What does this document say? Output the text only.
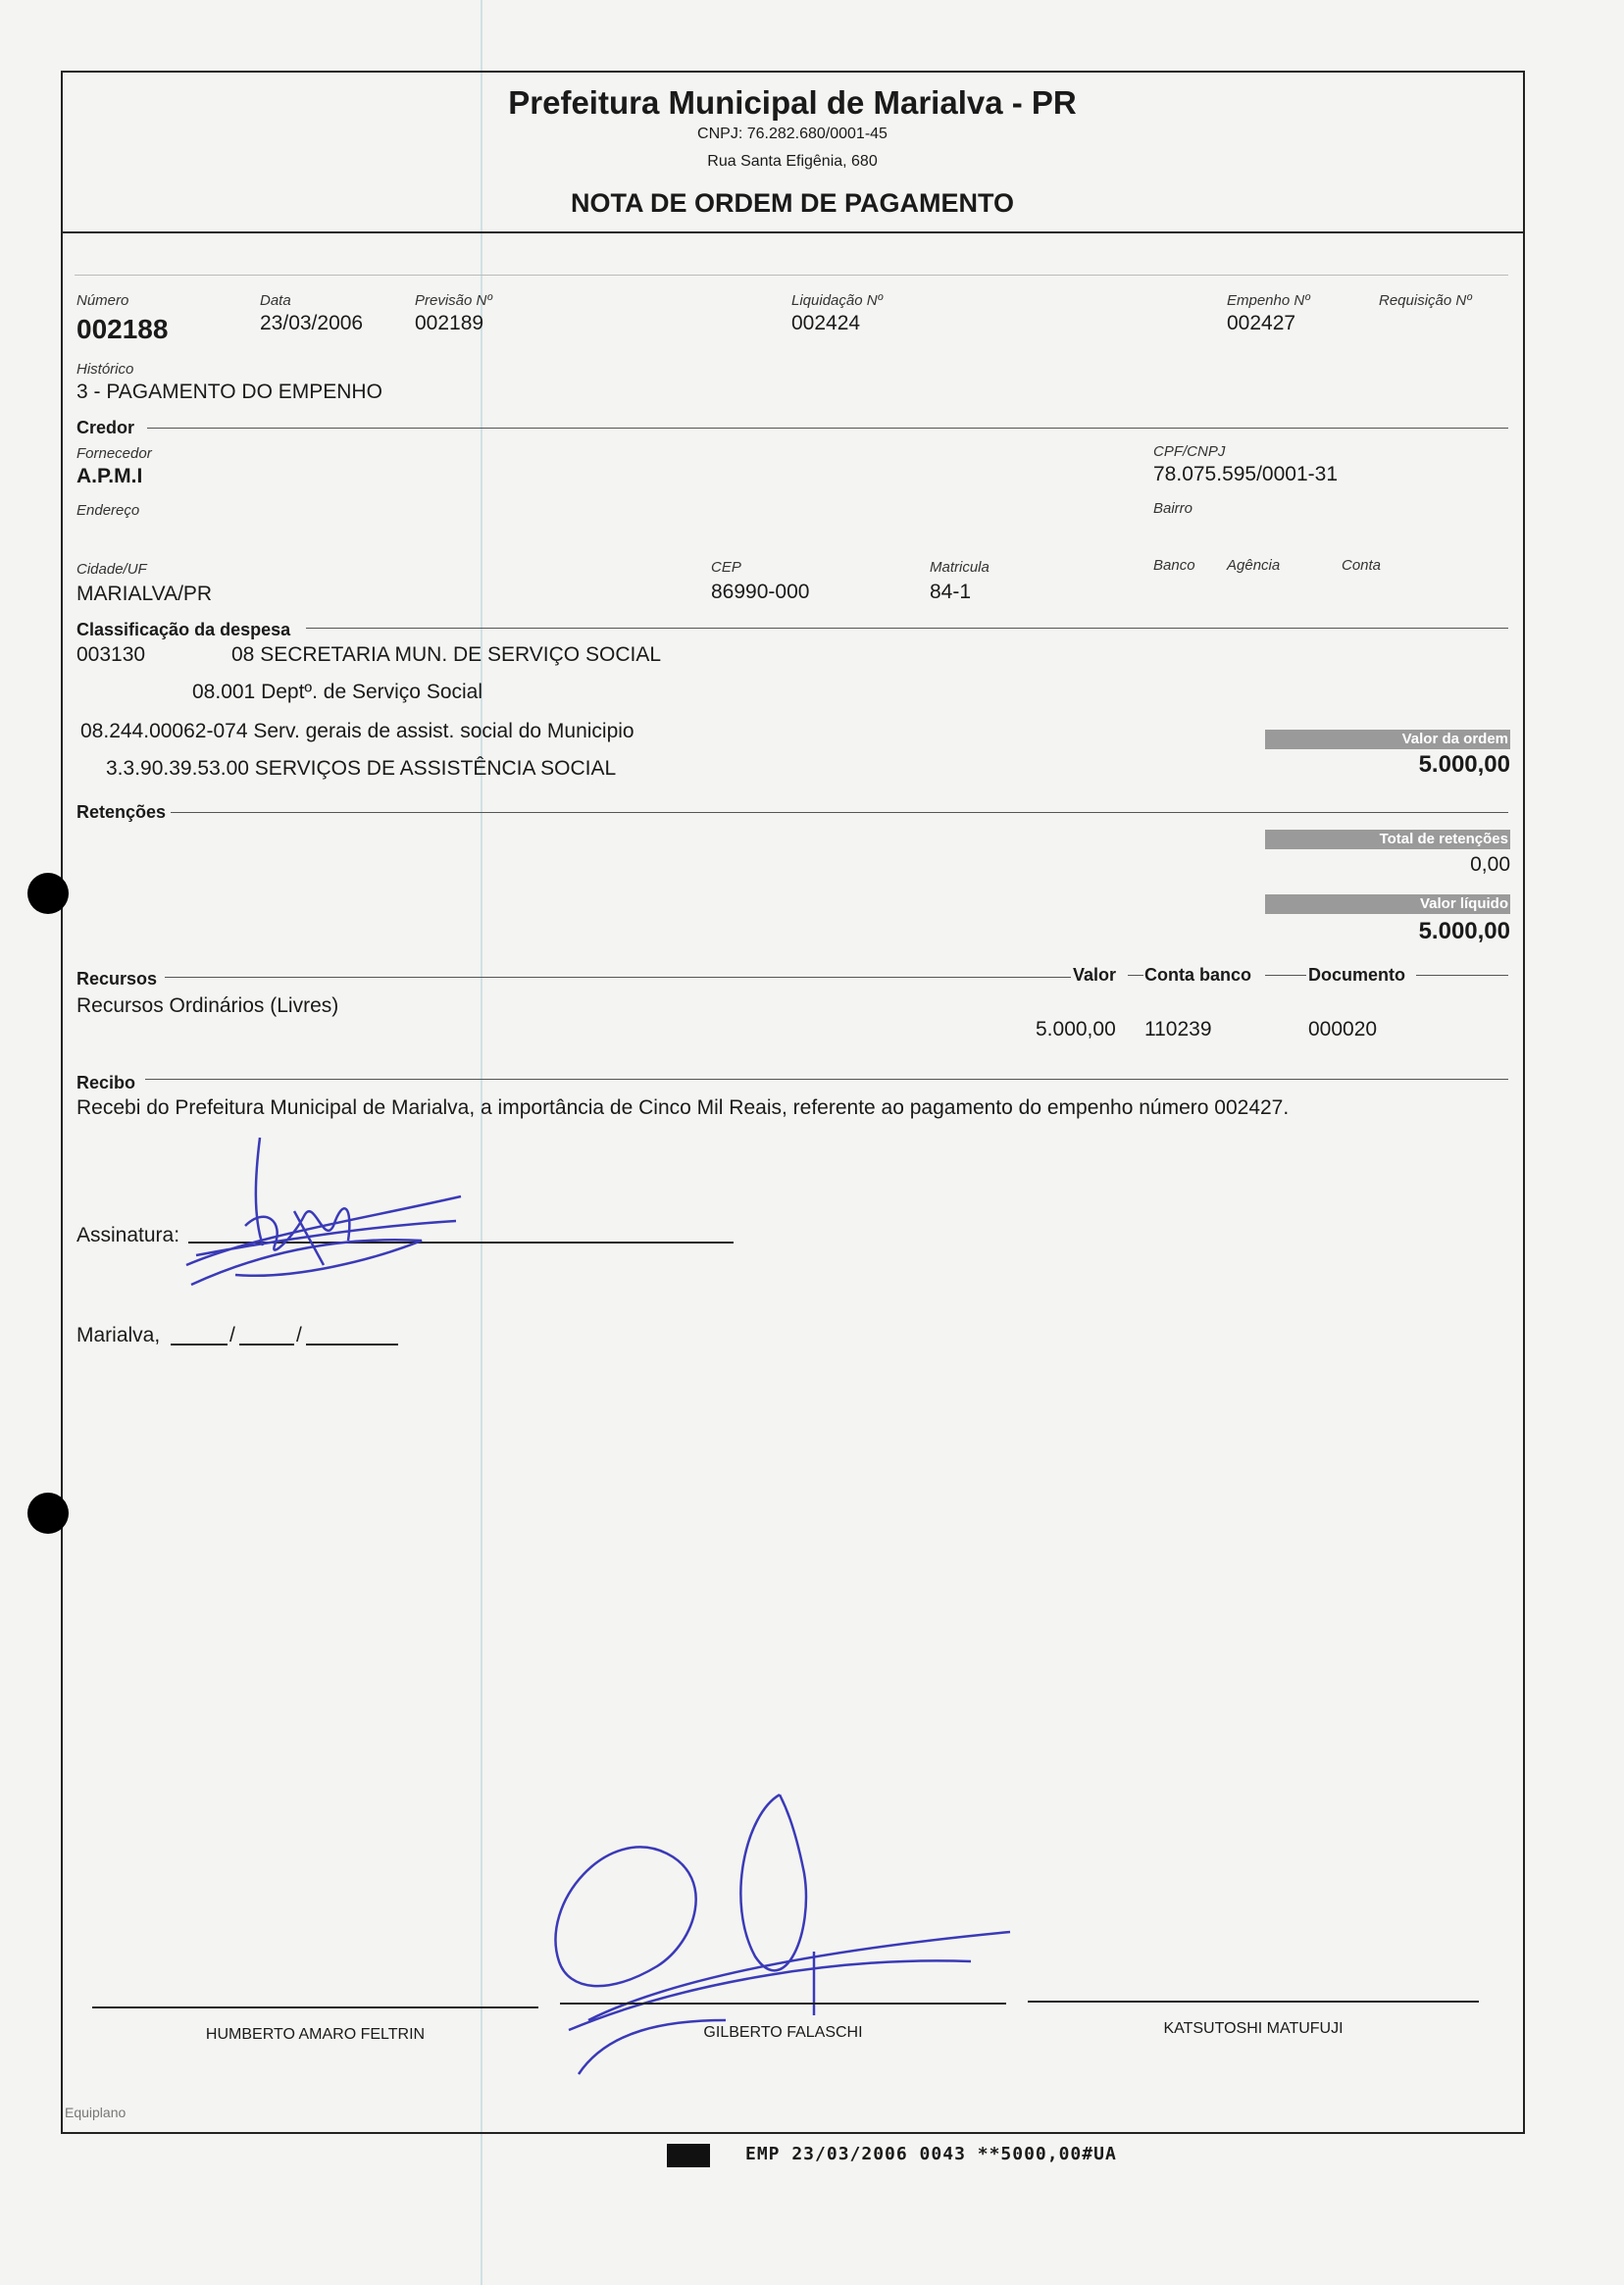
Prefeitura Municipal de Marialva - PR
CNPJ: 76.282.680/0001-45
Rua Santa Efigênia, 680
NOTA DE ORDEM DE PAGAMENTO
Número
002188
Data
23/03/2006
Previsão Nº
002189
Liquidação Nº
002424
Empenho Nº
002427
Requisição Nº
Histórico
3 - PAGAMENTO DO EMPENHO
Credor
Fornecedor
A.P.M.I
CPF/CNPJ
78.075.595/0001-31
Endereço	Bairro
Cidade/UF
MARIALVA/PR
CEP
86990-000
Matricula
84-1
Banco Agência	Conta
Classificação da despesa
003130	08 SECRETARIA MUN. DE SERVIÇO SOCIAL
08.001 Deptº. de Serviço Social
08.244.00062-074 Serv. gerais de assist. social do Municipio
3.3.90.39.53.00 SERVIÇOS DE ASSISTÊNCIA SOCIAL
Valor da ordem
5.000,00
Retenções
Total de retenções
0,00
Valor líquido
5.000,00
Recursos	Valor Conta banco	Documento
Recursos Ordinários (Livres)
5.000,00 110239	000020
Recibo
Recebi do Prefeitura Municipal de Marialva, a importância de Cinco Mil Reais, referente ao pagamento do empenho número 002427.
Assinatura:
Marialva,	/	/
HUMBERTO AMARO FELTRIN	GILBERTO FALASCHI	KATSUTOSHI MATUFUJI
Equiplano
EMP 23/03/2006 0043 **5000,00#UA
